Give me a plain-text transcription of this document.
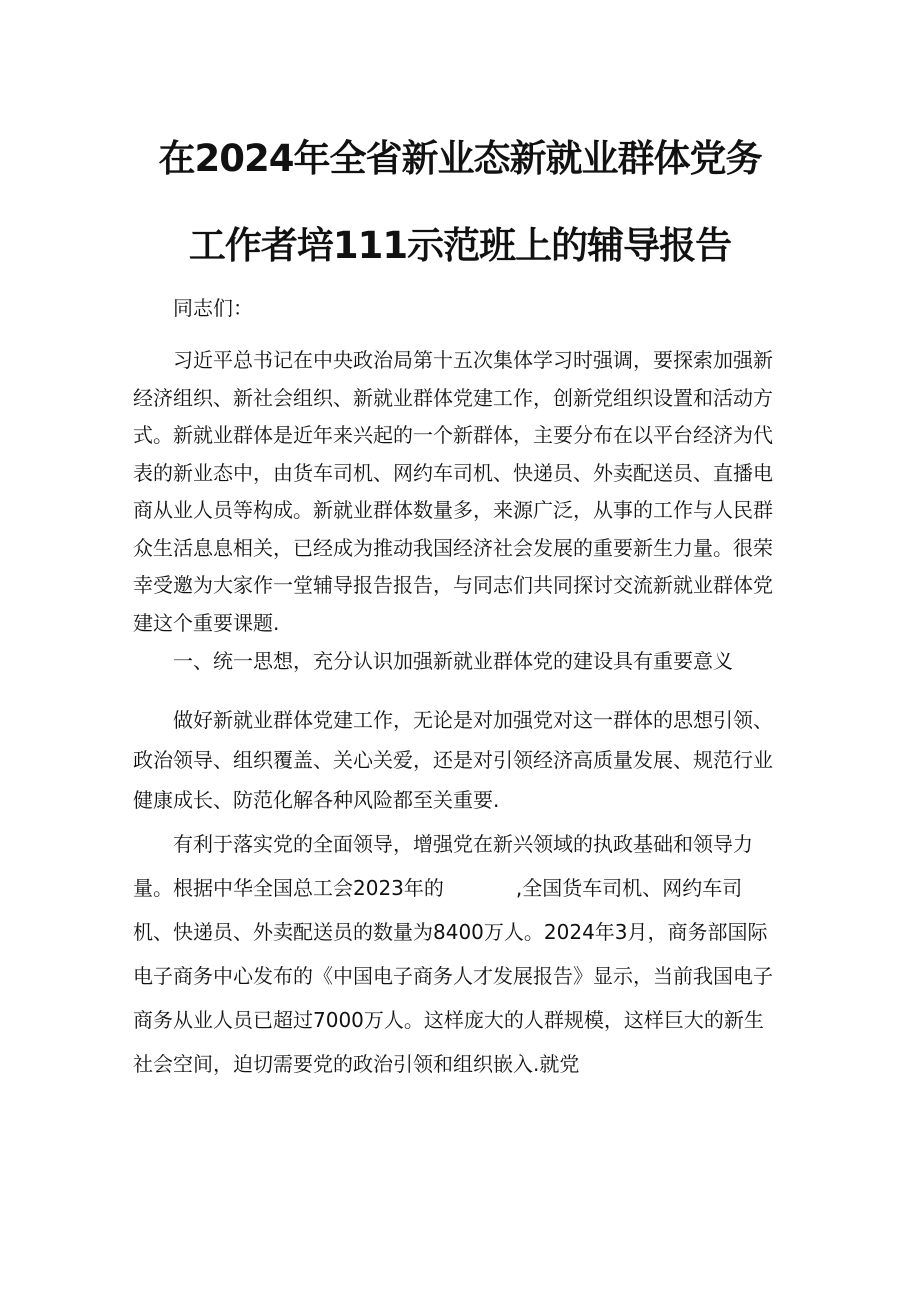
在2024年全省新业态新就业群体党务
工作者培111示范班上的辅导报告
同志们：
习近平总书记在中央政治局第十五次集体学习时强调，要探索加强新经济组织、新社会组织、新就业群体党建工作，创新党组织设置和活动方式。新就业群体是近年来兴起的一个新群体，主要分布在以平台经济为代表的新业态中，由货车司机、网约车司机、快递员、外卖配送员、直播电商从业人员等构成。新就业群体数量多，来源广泛，从事的工作与人民群众生活息息相关，已经成为推动我国经济社会发展的重要新生力量。很荣幸受邀为大家作一堂辅导报告报告，与同志们共同探讨交流新就业群体党建这个重要课题.
一、统一思想，充分认识加强新就业群体党的建设具有重要意义
做好新就业群体党建工作，无论是对加强党对这一群体的思想引领、政治领导、组织覆盖、关心关爱，还是对引领经济高质量发展、规范行业健康成长、防范化解各种风险都至关重要.
有利于落实党的全面领导，增强党在新兴领域的执政基础和领导力量。根据中华全国总工会2023年的	,全国货车司机、网约车司机、快递员、外卖配送员的数量为8400万人。2024年3月，商务部国际电子商务中心发布的《中国电子商务人才发展报告》显示，当前我国电子商务从业人员已超过7000万人。这样庞大的人群规模，这样巨大的新生社会空间，迫切需要党的政治引领和组织嵌入.就党
